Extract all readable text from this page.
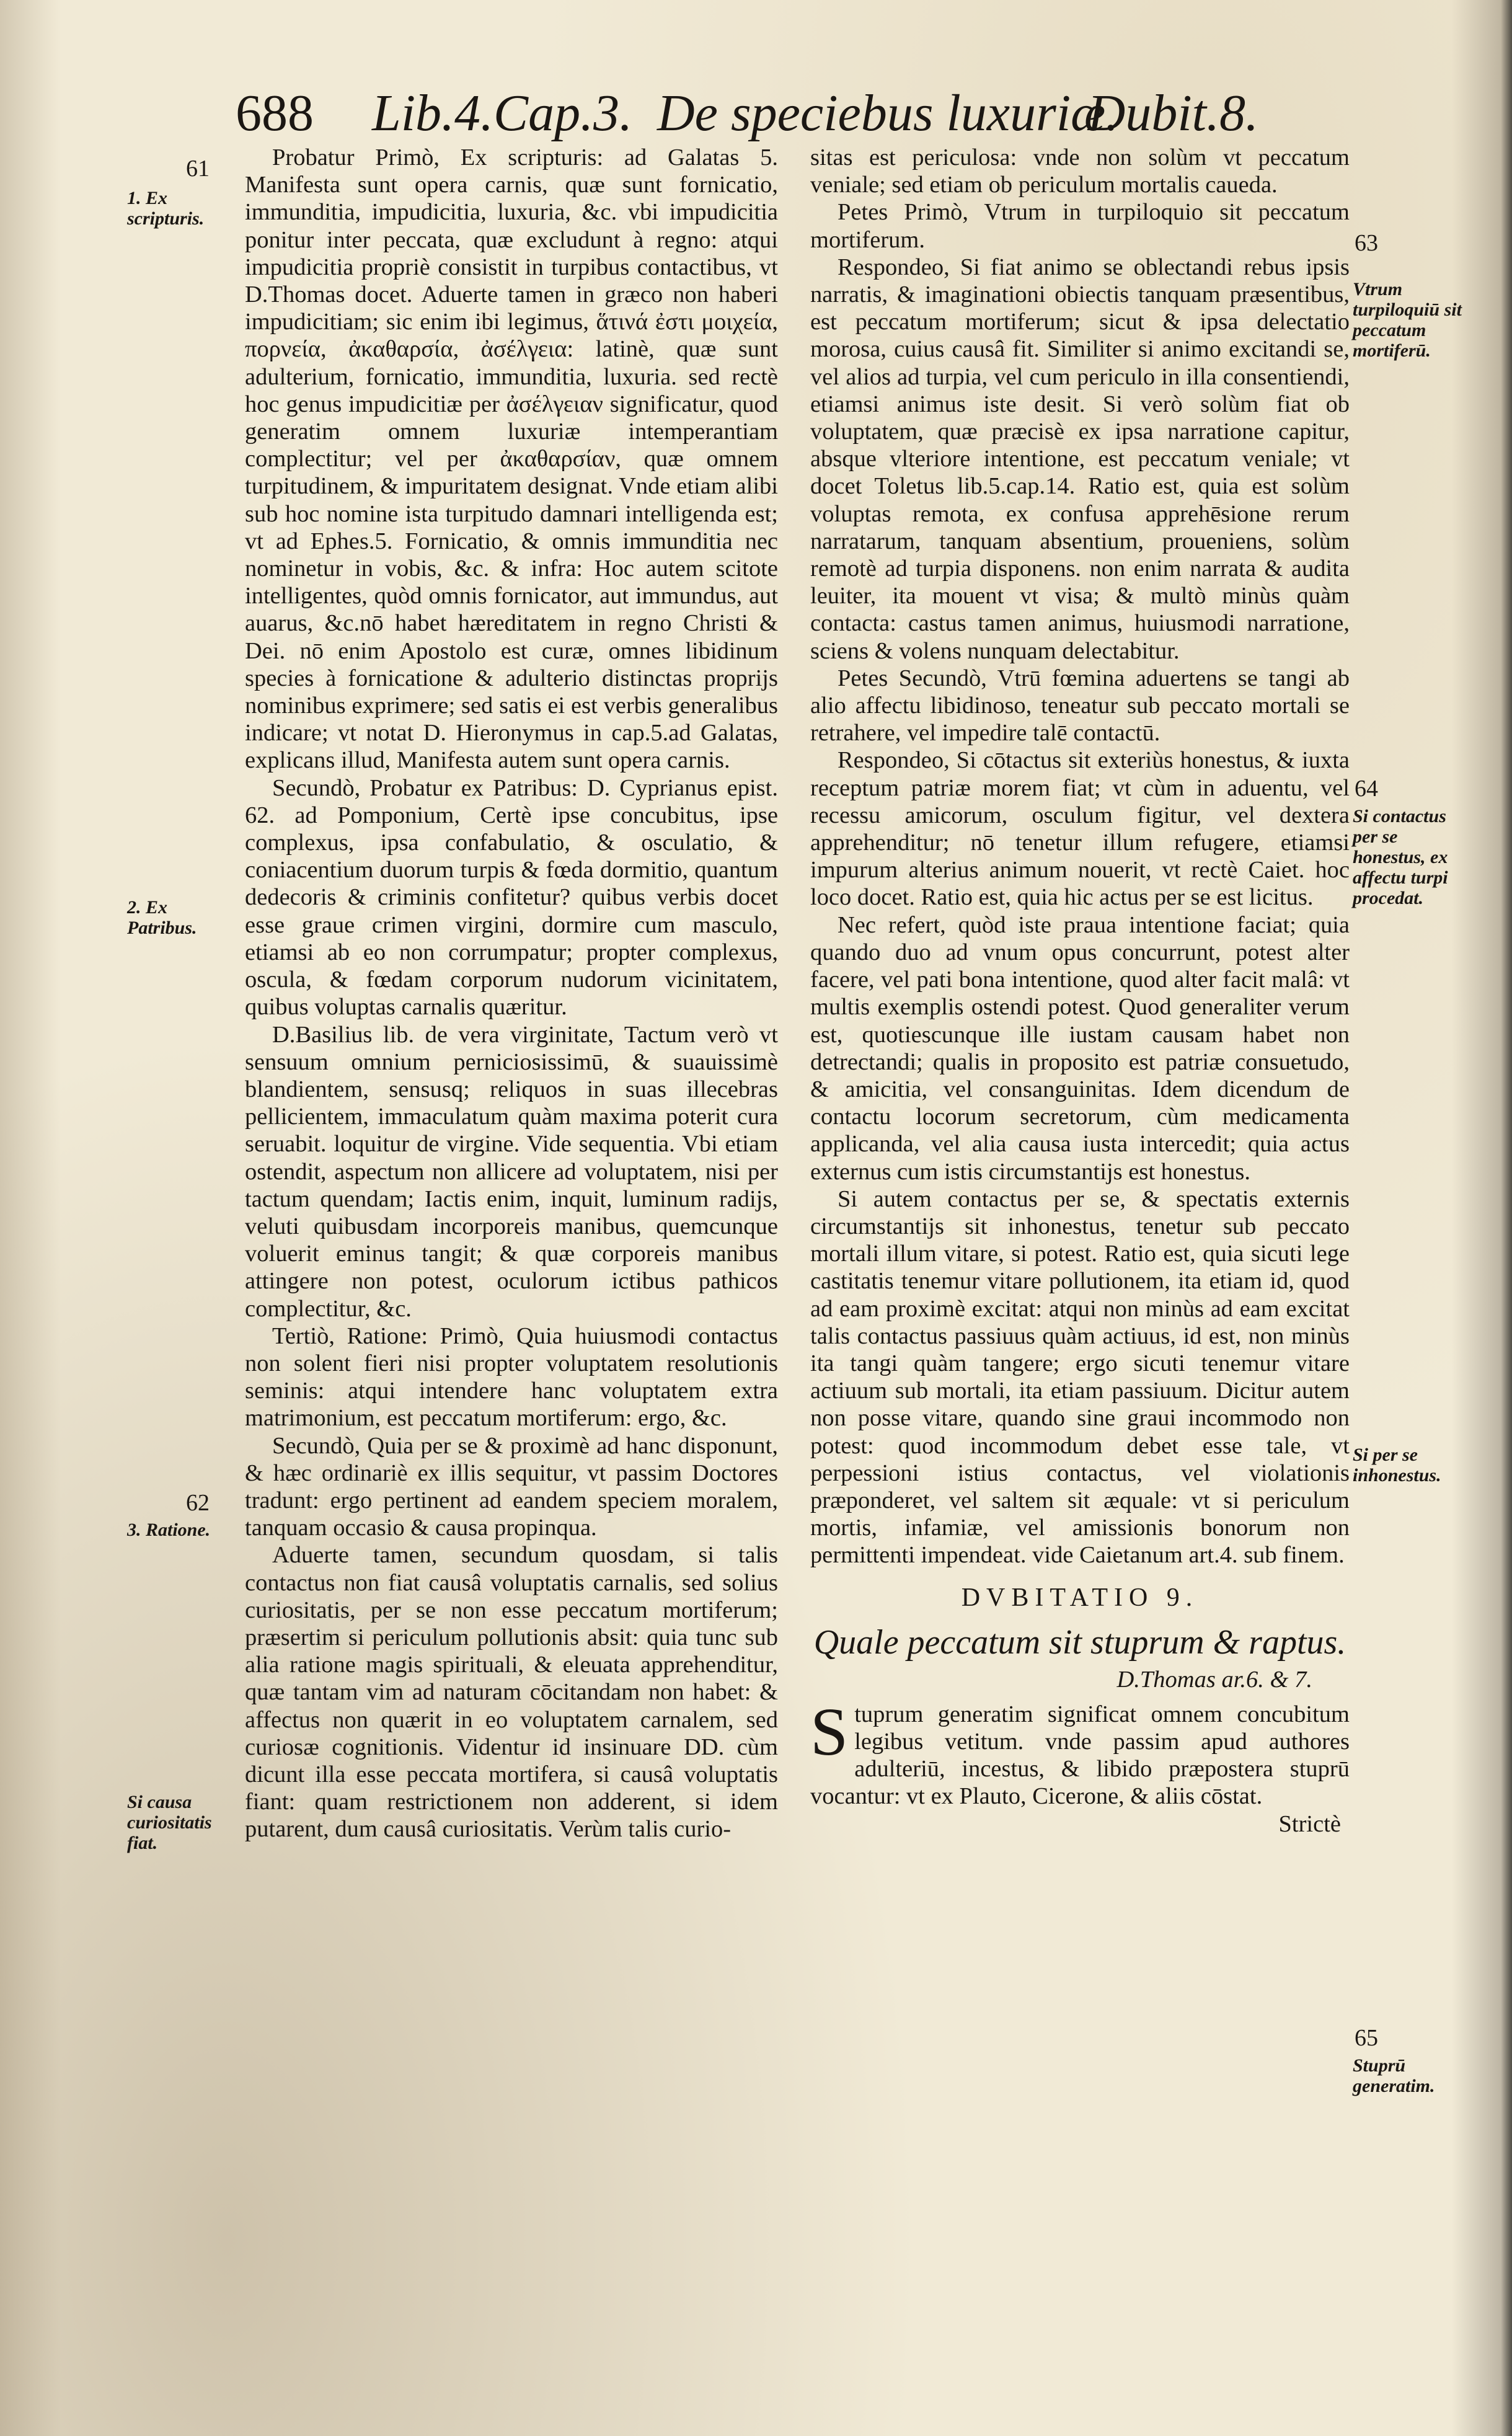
688 Lib.4.Cap.3. De speciebus luxuriæ.
Dubit.8.
61
1. Ex scripturis.
2. Ex Patribus.
62
3. Ratione.
Si causa curiositatis fiat.
63
Vtrum turpiloquiū sit peccatum mortiferū.
64
Si contactus per se honestus, ex affectu turpi procedat.
Si per se inhonestus.
65
Stuprū generatim.

Probatur Primò, Ex scripturis: ad Galatas 5. Manifesta sunt opera carnis, quæ sunt fornicatio, immunditia, impudicitia, luxuria, &c. vbi impudicitia ponitur inter peccata, quæ excludunt à regno: atqui impudicitia propriè consistit in turpibus contactibus, vt D.Thomas docet. Aduerte tamen in græco non haberi impudicitiam; sic enim ibi legimus, ἅτινά ἐστι μοιχεία, πορνεία, ἀκαθαρσία, ἀσέλγεια: latinè, quæ sunt adulterium, fornicatio, immunditia, luxuria. sed rectè hoc genus impudicitiæ per ἀσέλγειαν significatur, quod generatim omnem luxuriæ intemperantiam complectitur; vel per ἀκαθαρσίαν, quæ omnem turpitudinem, & impuritatem designat. Vnde etiam alibi sub hoc nomine ista turpitudo damnari intelligenda est; vt ad Ephes.5. Fornicatio, & omnis immunditia nec nominetur in vobis, &c. & infra: Hoc autem scitote intelligentes, quòd omnis fornicator, aut immundus, aut auarus, &c.nō habet hæreditatem in regno Christi & Dei. nō enim Apostolo est curæ, omnes libidinum species à fornicatione & adulterio distinctas proprijs nominibus exprimere; sed satis ei est verbis generalibus indicare; vt notat D. Hieronymus in cap.5.ad Galatas, explicans illud, Manifesta autem sunt opera carnis.

Secundò, Probatur ex Patribus: D. Cyprianus epist. 62. ad Pomponium, Certè ipse concubitus, ipse complexus, ipsa confabulatio, & osculatio, & coniacentium duorum turpis & fœda dormitio, quantum dedecoris & criminis confitetur? quibus verbis docet esse graue crimen virgini, dormire cum masculo, etiamsi ab eo non corrumpatur; propter complexus, oscula, & fœdam corporum nudorum vicinitatem, quibus voluptas carnalis quæritur.

D.Basilius lib. de vera virginitate, Tactum verò vt sensuum omnium perniciosissimū, & suauissimè blandientem, sensusq; reliquos in suas illecebras pellicientem, immaculatum quàm maxima poterit cura seruabit. loquitur de virgine. Vide sequentia. Vbi etiam ostendit, aspectum non allicere ad voluptatem, nisi per tactum quendam; Iactis enim, inquit, luminum radijs, veluti quibusdam incorporeis manibus, quemcunque voluerit eminus tangit; & quæ corporeis manibus attingere non potest, oculorum ictibus pathicos complectitur, &c.

Tertiò, Ratione: Primò, Quia huiusmodi contactus non solent fieri nisi propter voluptatem resolutionis seminis: atqui intendere hanc voluptatem extra matrimonium, est peccatum mortiferum: ergo, &c.

Secundò, Quia per se & proximè ad hanc disponunt, & hæc ordinariè ex illis sequitur, vt passim Doctores tradunt: ergo pertinent ad eandem speciem moralem, tanquam occasio & causa propinqua.

Aduerte tamen, secundum quosdam, si talis contactus non fiat causâ voluptatis carnalis, sed solius curiositatis, per se non esse peccatum mortiferum; præsertim si periculum pollutionis absit: quia tunc sub alia ratione magis spirituali, & eleuata apprehenditur, quæ tantam vim ad naturam cōcitandam non habet: & affectus non quærit in eo voluptatem carnalem, sed curiosæ cognitionis. Videntur id insinuare DD. cùm dicunt illa esse peccata mortifera, si causâ voluptatis fiant: quam restrictionem non adderent, si idem putarent, dum causâ curiositatis. Verùm talis curio-

sitas est periculosa: vnde non solùm vt peccatum veniale; sed etiam ob periculum mortalis caueda.

Petes Primò, Vtrum in turpiloquio sit peccatum mortiferum.

Respondeo, Si fiat animo se oblectandi rebus ipsis narratis, & imaginationi obiectis tanquam præsentibus, est peccatum mortiferum; sicut & ipsa delectatio morosa, cuius causâ fit. Similiter si animo excitandi se, vel alios ad turpia, vel cum periculo in illa consentiendi, etiamsi animus iste desit. Si verò solùm fiat ob voluptatem, quæ præcisè ex ipsa narratione capitur, absque vlteriore intentione, est peccatum veniale; vt docet Toletus lib.5.cap.14. Ratio est, quia est solùm voluptas remota, ex confusa apprehēsione rerum narratarum, tanquam absentium, proueniens, solùm remotè ad turpia disponens. non enim narrata & audita leuiter, ita mouent vt visa; & multò minùs quàm contacta: castus tamen animus, huiusmodi narratione, sciens & volens nunquam delectabitur.

Petes Secundò, Vtrū fœmina aduertens se tangi ab alio affectu libidinoso, teneatur sub peccato mortali se retrahere, vel impedire talē contactū.

Respondeo, Si cōtactus sit exteriùs honestus, & iuxta receptum patriæ morem fiat; vt cùm in aduentu, vel recessu amicorum, osculum figitur, vel dextera apprehenditur; nō tenetur illum refugere, etiamsi impurum alterius animum nouerit, vt rectè Caiet. hoc loco docet. Ratio est, quia hic actus per se est licitus.

Nec refert, quòd iste praua intentione faciat; quia quando duo ad vnum opus concurrunt, potest alter facere, vel pati bona intentione, quod alter facit malâ: vt multis exemplis ostendi potest. Quod generaliter verum est, quotiescunque ille iustam causam habet non detrectandi; qualis in proposito est patriæ consuetudo, & amicitia, vel consanguinitas. Idem dicendum de contactu locorum secretorum, cùm medicamenta applicanda, vel alia causa iusta intercedit; quia actus externus cum istis circumstantijs est honestus.

Si autem contactus per se, & spectatis externis circumstantijs sit inhonestus, tenetur sub peccato mortali illum vitare, si potest. Ratio est, quia sicuti lege castitatis tenemur vitare pollutionem, ita etiam id, quod ad eam proximè excitat: atqui non minùs ad eam excitat talis contactus passiuus quàm actiuus, id est, non minùs ita tangi quàm tangere; ergo sicuti tenemur vitare actiuum sub mortali, ita etiam passiuum. Dicitur autem non posse vitare, quando sine graui incommodo non potest: quod incommodum debet esse tale, vt perpessioni istius contactus, vel violationis præponderet, vel saltem sit æquale: vt si periculum mortis, infamiæ, vel amissionis bonorum non permittenti impendeat. vide Caietanum art.4. sub finem.

DVBITATIO 9.
Quale peccatum sit stuprum & raptus.
D.Thomas ar.6. & 7.

Stuprum generatim significat omnem concubitum legibus vetitum. vnde passim apud authores adulteriū, incestus, & libido præpostera stuprū vocantur: vt ex Plauto, Cicerone, & aliis cōstat.

Strictè
